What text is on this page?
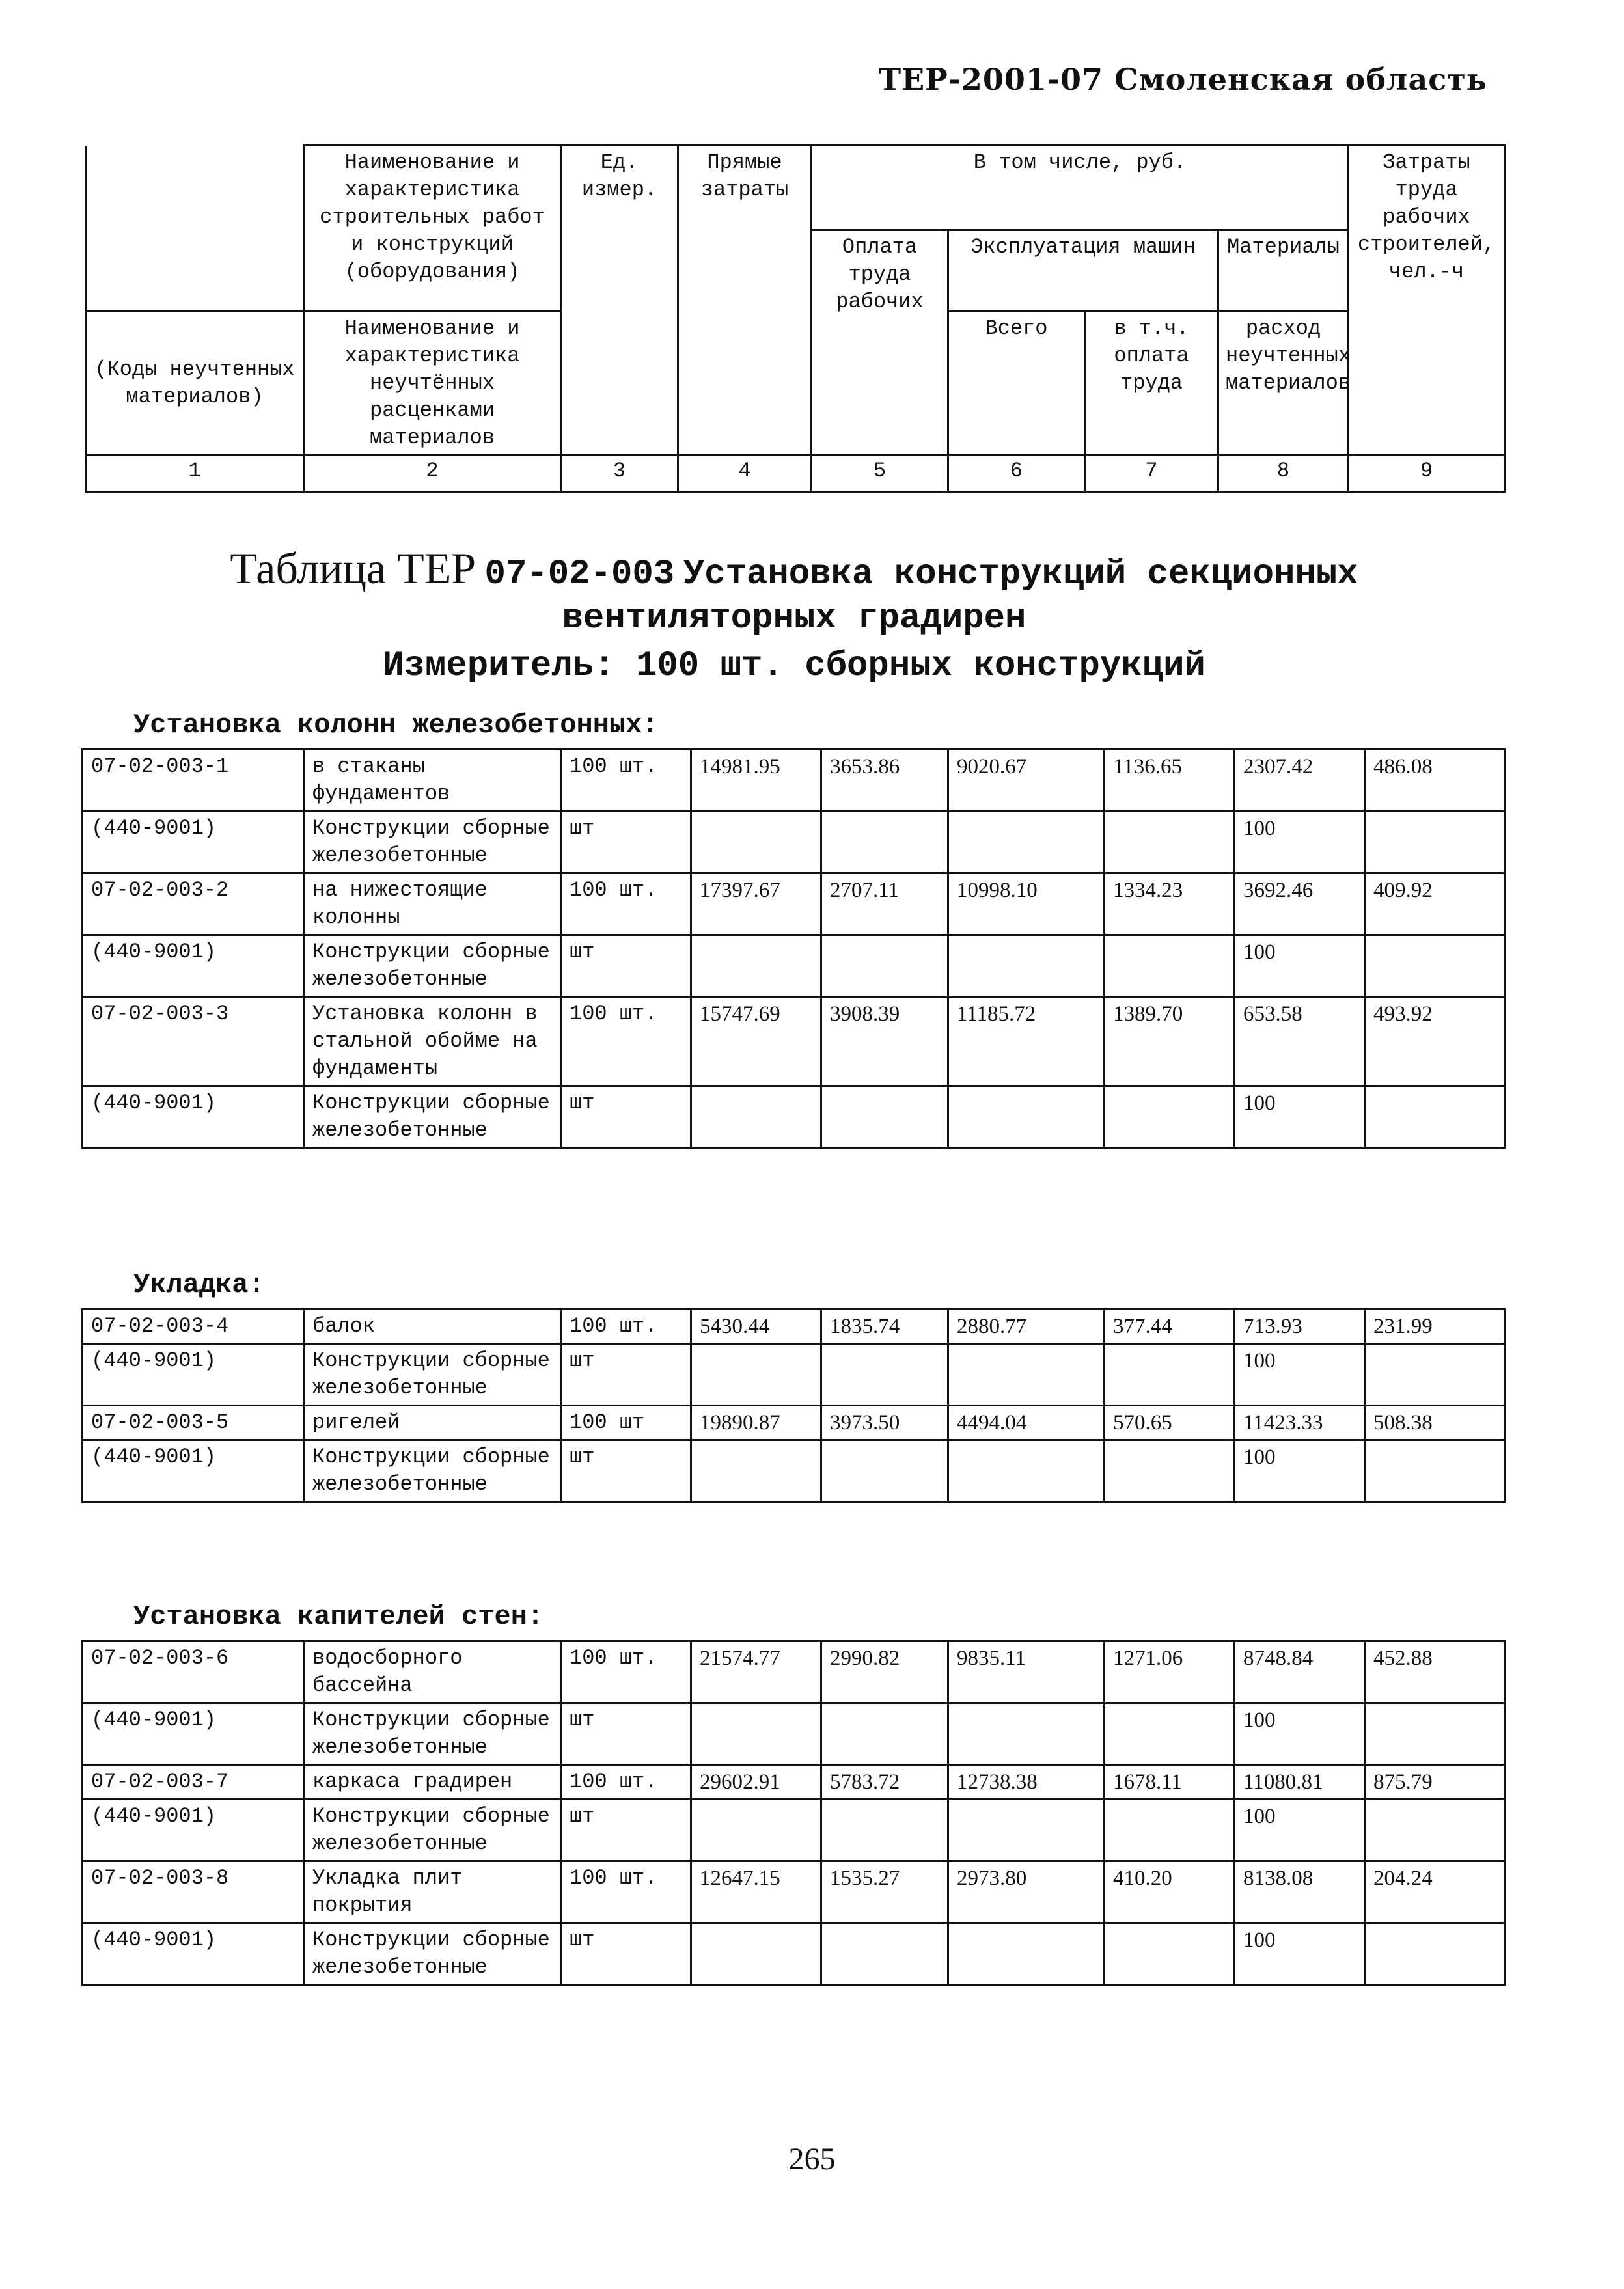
ТЕР-2001-07 Смоленская область
	Наименование и характеристика строительных работ и конструкций (оборудования)	Ед. измер.	Прямые затраты	В том числе, руб.				Затраты труда рабочих строителей, чел.-ч
				Оплата труда рабочих	Эксплуатация машин		Материалы	
(Коды неучтенных материалов)	Наименование и характеристика неучтённых расценками материалов				Всего	в т.ч. оплата труда	расход неучтенных материалов	
1	2	3	4	5	6	7	8	9
Таблица ТЕР 07-02-003 Установка конструкций секционных
вентиляторных градирен
Измеритель: 100 шт. сборных конструкций
Установка колонн железобетонных:
07-02-003-1	в стаканы фундаментов	100 шт.	14981.95	3653.86	9020.67	1136.65	2307.42	486.08
(440-9001)	Конструкции сборные железобетонные	шт					100	
07-02-003-2	на нижестоящие колонны	100 шт.	17397.67	2707.11	10998.10	1334.23	3692.46	409.92
(440-9001)	Конструкции сборные железобетонные	шт					100	
07-02-003-3	Установка колонн в стальной обойме на фундаменты	100 шт.	15747.69	3908.39	11185.72	1389.70	653.58	493.92
(440-9001)	Конструкции сборные железобетонные	шт					100	
Укладка:
07-02-003-4	балок	100 шт.	5430.44	1835.74	2880.77	377.44	713.93	231.99
(440-9001)	Конструкции сборные железобетонные	шт					100	
07-02-003-5	ригелей	100 шт	19890.87	3973.50	4494.04	570.65	11423.33	508.38
(440-9001)	Конструкции сборные железобетонные	шт					100	
Установка капителей стен:
07-02-003-6	водосборного бассейна	100 шт.	21574.77	2990.82	9835.11	1271.06	8748.84	452.88
(440-9001)	Конструкции сборные железобетонные	шт					100	
07-02-003-7	каркаса градирен	100 шт.	29602.91	5783.72	12738.38	1678.11	11080.81	875.79
(440-9001)	Конструкции сборные железобетонные	шт					100	
07-02-003-8	Укладка плит покрытия	100 шт.	12647.15	1535.27	2973.80	410.20	8138.08	204.24
(440-9001)	Конструкции сборные железобетонные	шт					100	
265
